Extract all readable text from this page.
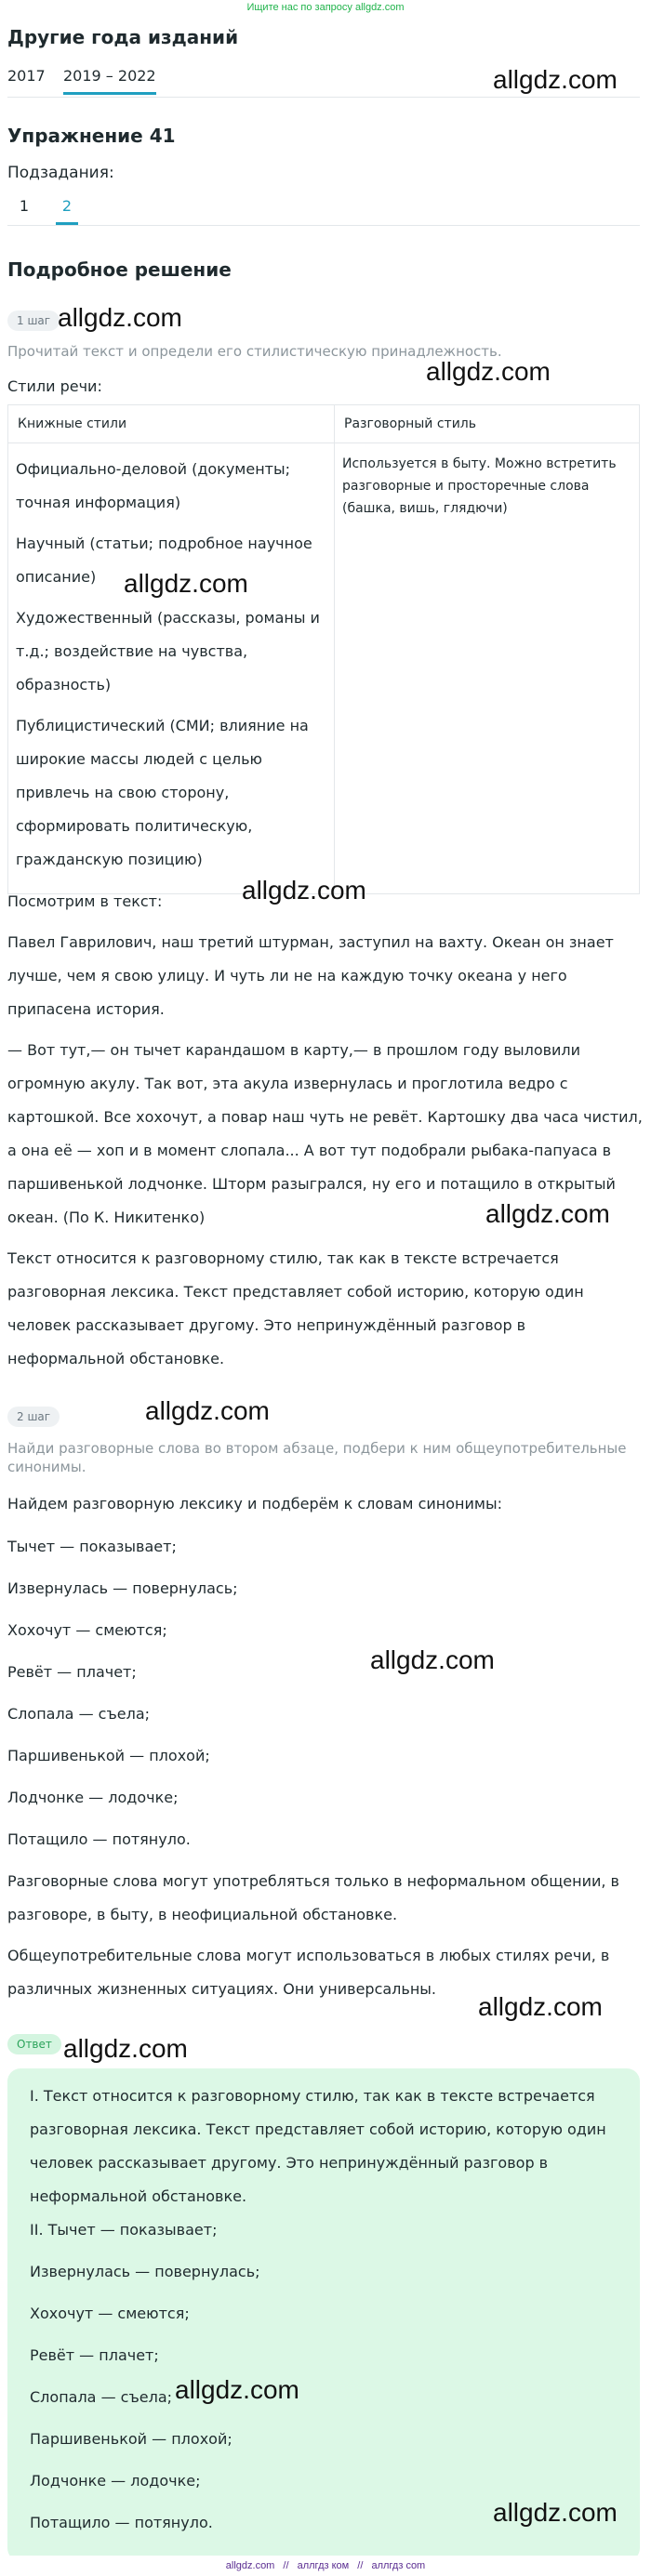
Ищите нас по запросу allgdz.com
Другие года изданий
2017 2019 – 2022	allgdz.com
Упражнение 41
Подзадания:
1	2
Подробное решение
1 шаг allgdz.com
Прочитай текст и определи его стилистическую принадлежность.
allgdz.com
Стили речи:
Книжные стили	Разговорный стиль

Официально-деловой (документы; точная информация)
Научный (статьи; подробное научное описание)
Художественный (рассказы, романы и т.д.; воздействие на чувства, образность)
Публицистический (СМИ; влияние на широкие массы людей с целью привлечь на свою сторону, сформировать политическую, гражданскую позицию)	Используется в быту. Можно встретить разговорные и просторечные слова (башка, вишь, глядючи)
allgdz.com
Посмотрим в текст:	allgdz.com
Павел Гаврилович, наш третий штурман, заступил на вахту. Океан он знает лучше, чем я свою улицу. И чуть ли не на каждую точку океана у него припасена история.
— Вот тут,— он тычет карандашом в карту,— в прошлом году выловили огромную акулу. Так вот, эта акула извернулась и проглотила ведро с картошкой. Все хохочут, а повар наш чуть не ревёт. Картошку два часа чистил, а она её — хоп и в момент слопала... А вот тут подобрали рыбака-папуаса в паршивенькой лодчонке. Шторм разыгрался, ну его и потащило в открытый океан. (По К. Никитенко)	allgdz.com
Текст относится к разговорному стилю, так как в тексте встречается разговорная лексика. Текст представляет собой историю, которую один человек рассказывает другому. Это непринуждённый разговор в неформальной обстановке.
2 шаг	allgdz.com
Найди разговорные слова во втором абзаце, подбери к ним общеупотребительные синонимы.
Найдем разговорную лексику и подберём к словам синонимы:
Тычет — показывает;
Извернулась — повернулась;
Хохочут — смеются;
Ревёт — плачет;	allgdz.com
Слопала — съела;
Паршивенькой — плохой;
Лодчонке — лодочке;
Потащило — потянуло.
Разговорные слова могут употребляться только в неформальном общении, в разговоре, в быту, в неофициальной обстановке.
Общеупотребительные слова могут использоваться в любых стилях речи, в различных жизненных ситуациях. Они универсальны.
allgdz.com
Ответ allgdz.com
I. Текст относится к разговорному стилю, так как в тексте встречается разговорная лексика. Текст представляет собой историю, которую один человек рассказывает другому. Это непринуждённый разговор в неформальной обстановке.
II. Тычет — показывает;
Извернулась — повернулась;
Хохочут — смеются;
Ревёт — плачет;
Слопала — съела; allgdz.com
Паршивенькой — плохой;
Лодчонке — лодочке;
Потащило — потянуло.	allgdz.com
allgdz.com // аллгдз ком // аллгдз com
